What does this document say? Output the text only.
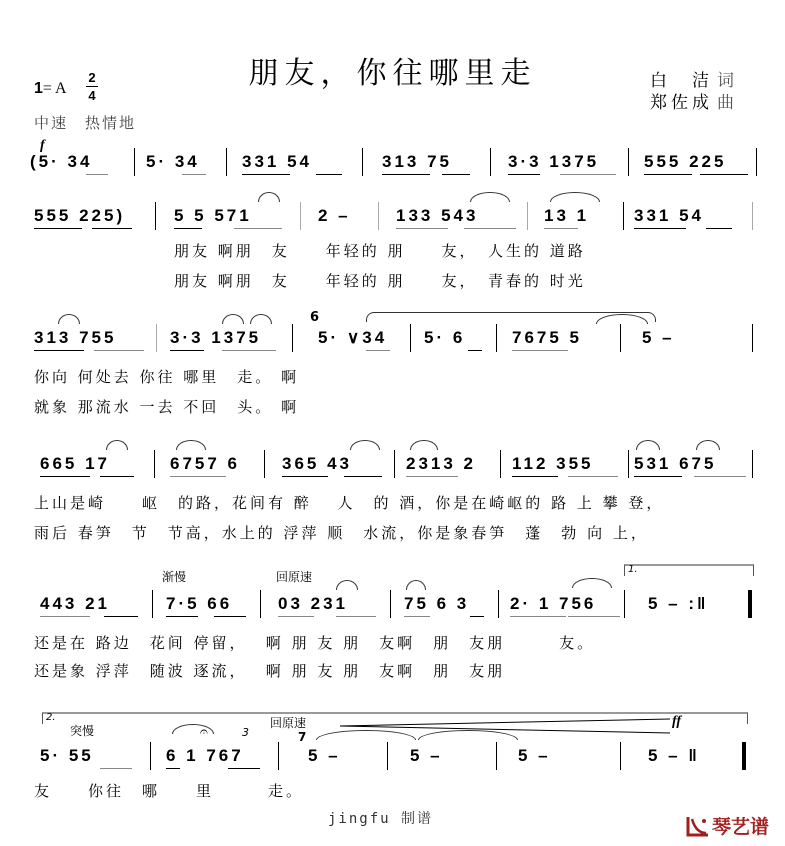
朋友，你往哪里走	白　洁 词
郑佐成 曲
1= A
2
4
中速　热情地
f
(5· 34	5· 34 331 54	313 75	3·3 1375	555 225
555 225)	5 5 571	2 –	133 543	13 1	331 54
朋友 啊朋　友　　年轻的 朋　　友，　人生的 道路
朋友 啊朋　友　　年轻的 朋　　友，　青春的 时光
313 755	3·3 1375
6
5· ∨34 5· 6	7675 5	5 –
你向 何处去 你往 哪里　走。 啊
就象 那流水 一去 不回　头。 啊
665 17	6757 6 365 43	2313 2 112 355 531 675
上山是崎　　岖　的路，花间有 醉　 人　的 酒，你是在崎岖的 路 上 攀 登，
雨后 春笋　节　节高，水上的 浮萍 顺　水流，你是象春笋　蓬　勃 向 上，
渐慢	回原速
1.
443 21	7·5 66	03 231	75 6 3 2· 1 756	5 – :‖
还是在 路边　花间 停留，　 啊 朋 友 朋　友啊　朋　友朋　　　友。
还是象 浮萍　随波 逐流，　 啊 朋 友 朋　友啊　朋　友朋
2.
突慢
回原速	ff
5· 55	6 1 767
𝄐	3	7
5 –	5 –	5 –	5 – ‖
友　　你往　哪　　里　　　走。
jingfu 制谱	琴艺谱
